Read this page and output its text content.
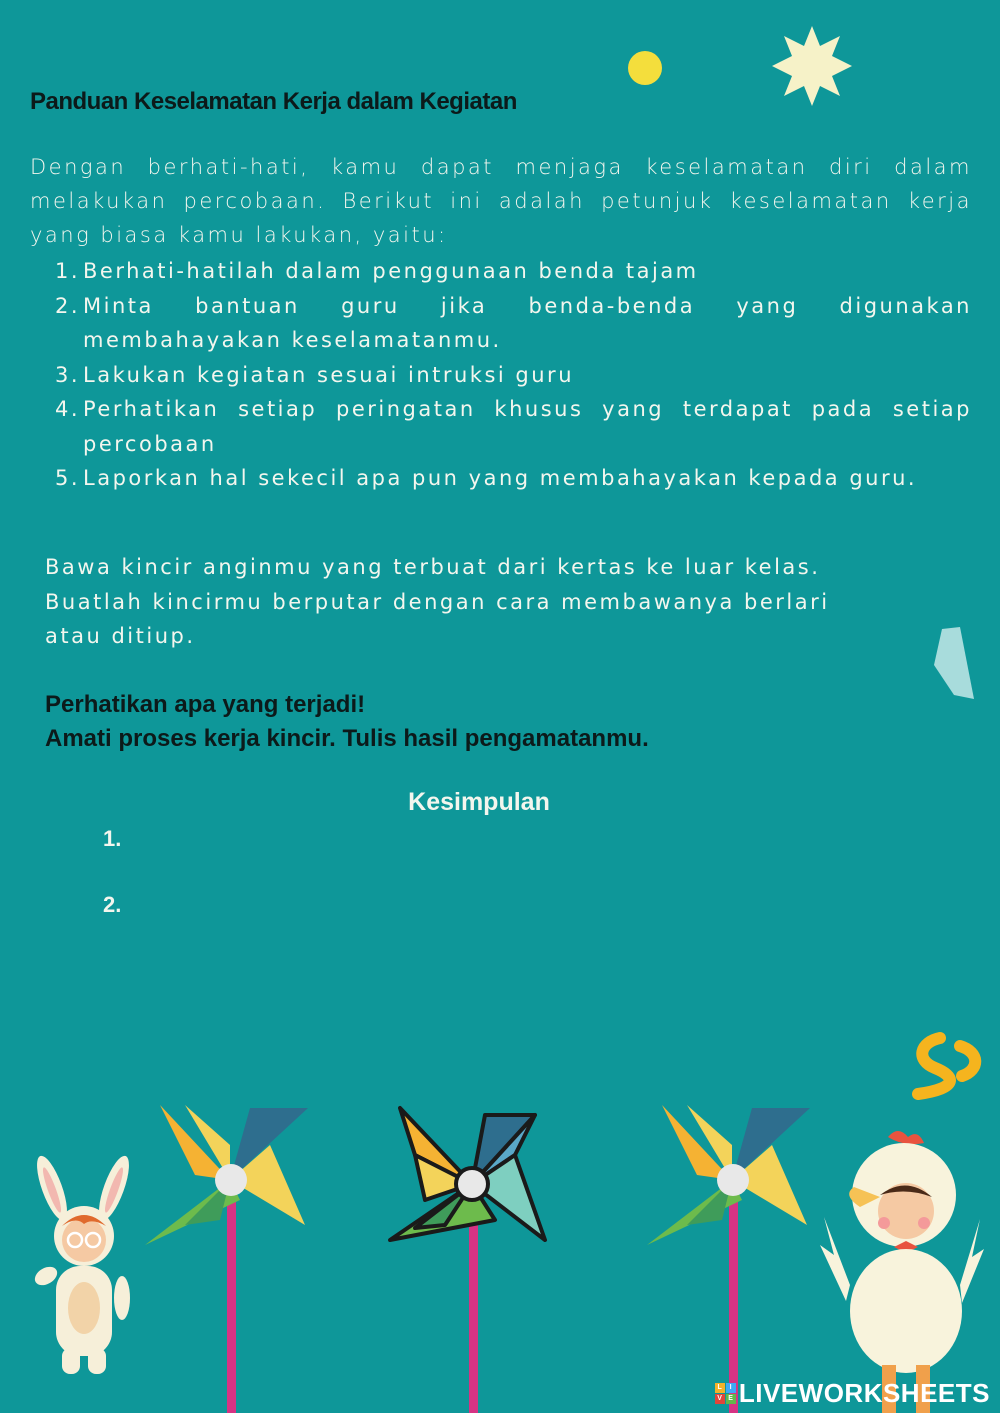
Panduan Keselamatan Kerja dalam Kegiatan
Dengan berhati-hati, kamu dapat menjaga keselamatan diri dalam melakukan percobaan. Berikut ini adalah petunjuk keselamatan kerja yang biasa kamu lakukan, yaitu:
1. Berhati-hatilah dalam penggunaan benda tajam
2. Minta bantuan guru jika benda-benda yang digunakan membahayakan keselamatanmu.
3. Lakukan kegiatan sesuai intruksi guru
4. Perhatikan setiap peringatan khusus yang terdapat pada setiap percobaan
5. Laporkan hal sekecil apa pun yang membahayakan kepada guru.

Bawa kincir anginmu yang terbuat dari kertas ke luar kelas.

Buatlah kincirmu berputar dengan cara membawanya berlari atau ditiup.

Perhatikan apa yang terjadi!

Amati proses kerja kincir. Tulis hasil pengamatanmu.

Kesimpulan
1.
2.
L	I
V E LIVEWORKSHEETS
